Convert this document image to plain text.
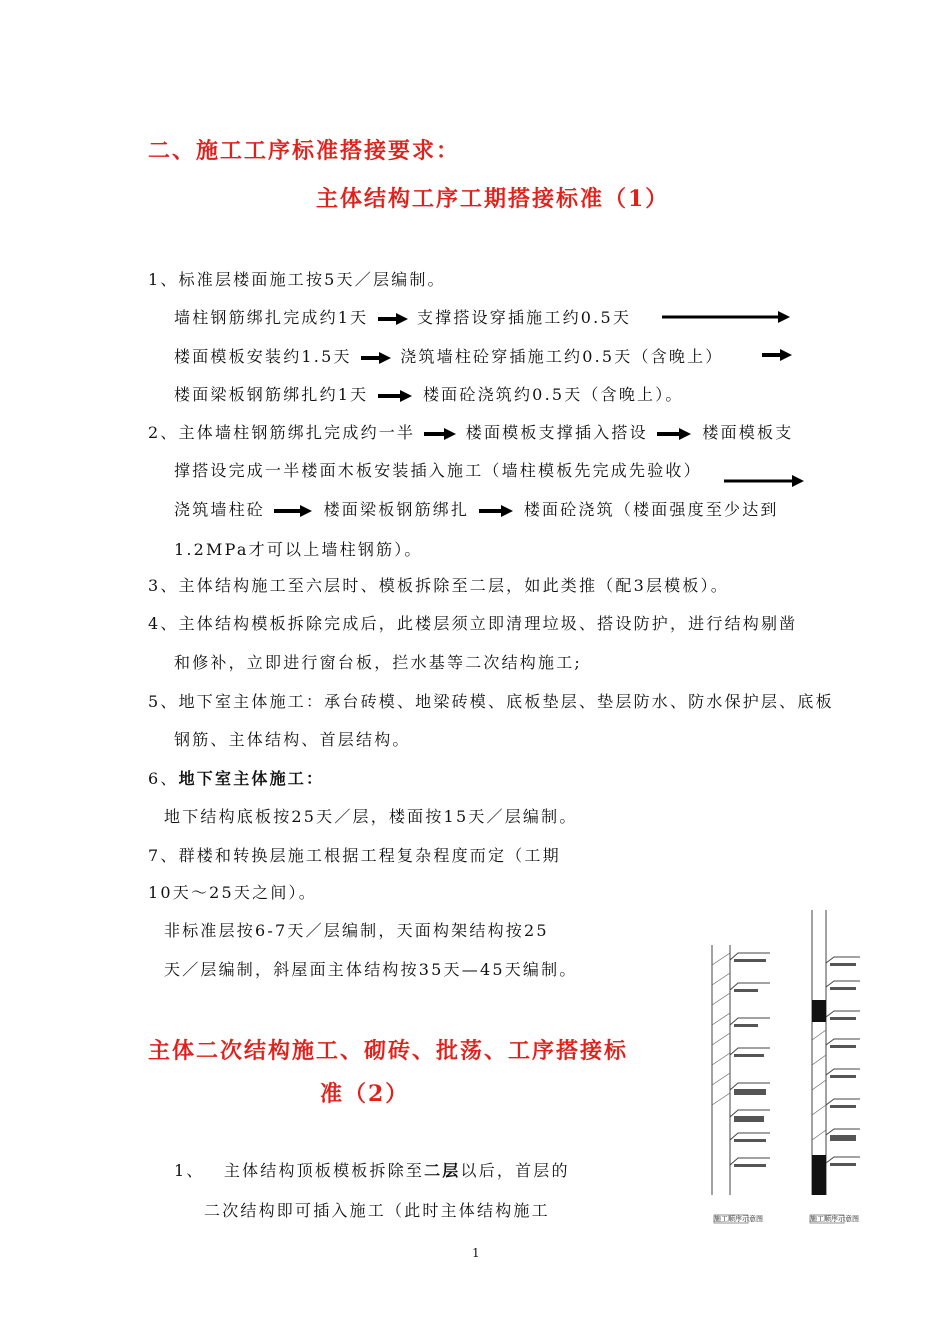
二、施工工序标准搭接要求：
主体结构工序工期搭接标准（1）
1、标准层楼面施工按5天／层编制。
墙柱钢筋绑扎完成约1天	支撑搭设穿插施工约0.5天
楼面模板安装约1.5天	浇筑墙柱砼穿插施工约0.5天（含晚上）
楼面梁板钢筋绑扎约1天	楼面砼浇筑约0.5天（含晚上）。
2、主体墙柱钢筋绑扎完成约一半	楼面模板支撑插入搭设	楼面模板支
撑搭设完成一半楼面木板安装插入施工（墙柱模板先完成先验收）
浇筑墙柱砼	楼面梁板钢筋绑扎	楼面砼浇筑（楼面强度至少达到
1.2MPa才可以上墙柱钢筋）。
3、主体结构施工至六层时、模板拆除至二层，如此类推（配3层模板）。
4、主体结构模板拆除完成后，此楼层须立即清理垃圾、搭设防护，进行结构剔凿
和修补，立即进行窗台板，拦水基等二次结构施工;
5、地下室主体施工：承台砖模、地梁砖模、底板垫层、垫层防水、防水保护层、底板
钢筋、主体结构、首层结构。
6、地下室主体施工：
地下结构底板按25天／层，楼面按15天／层编制。
7、群楼和转换层施工根据工程复杂程度而定（工期
10天～25天之间）。
非标准层按6-7天／层编制，天面构架结构按25
天／层编制，斜屋面主体结构按35天—45天编制。
主体二次结构施工、砌砖、批荡、工序搭接标
准（2）
1、 主体结构顶板模板拆除至二层以后，首层的
二次结构即可插入施工（此时主体结构施工	施工顺序示意图	施工顺序示意图
1
